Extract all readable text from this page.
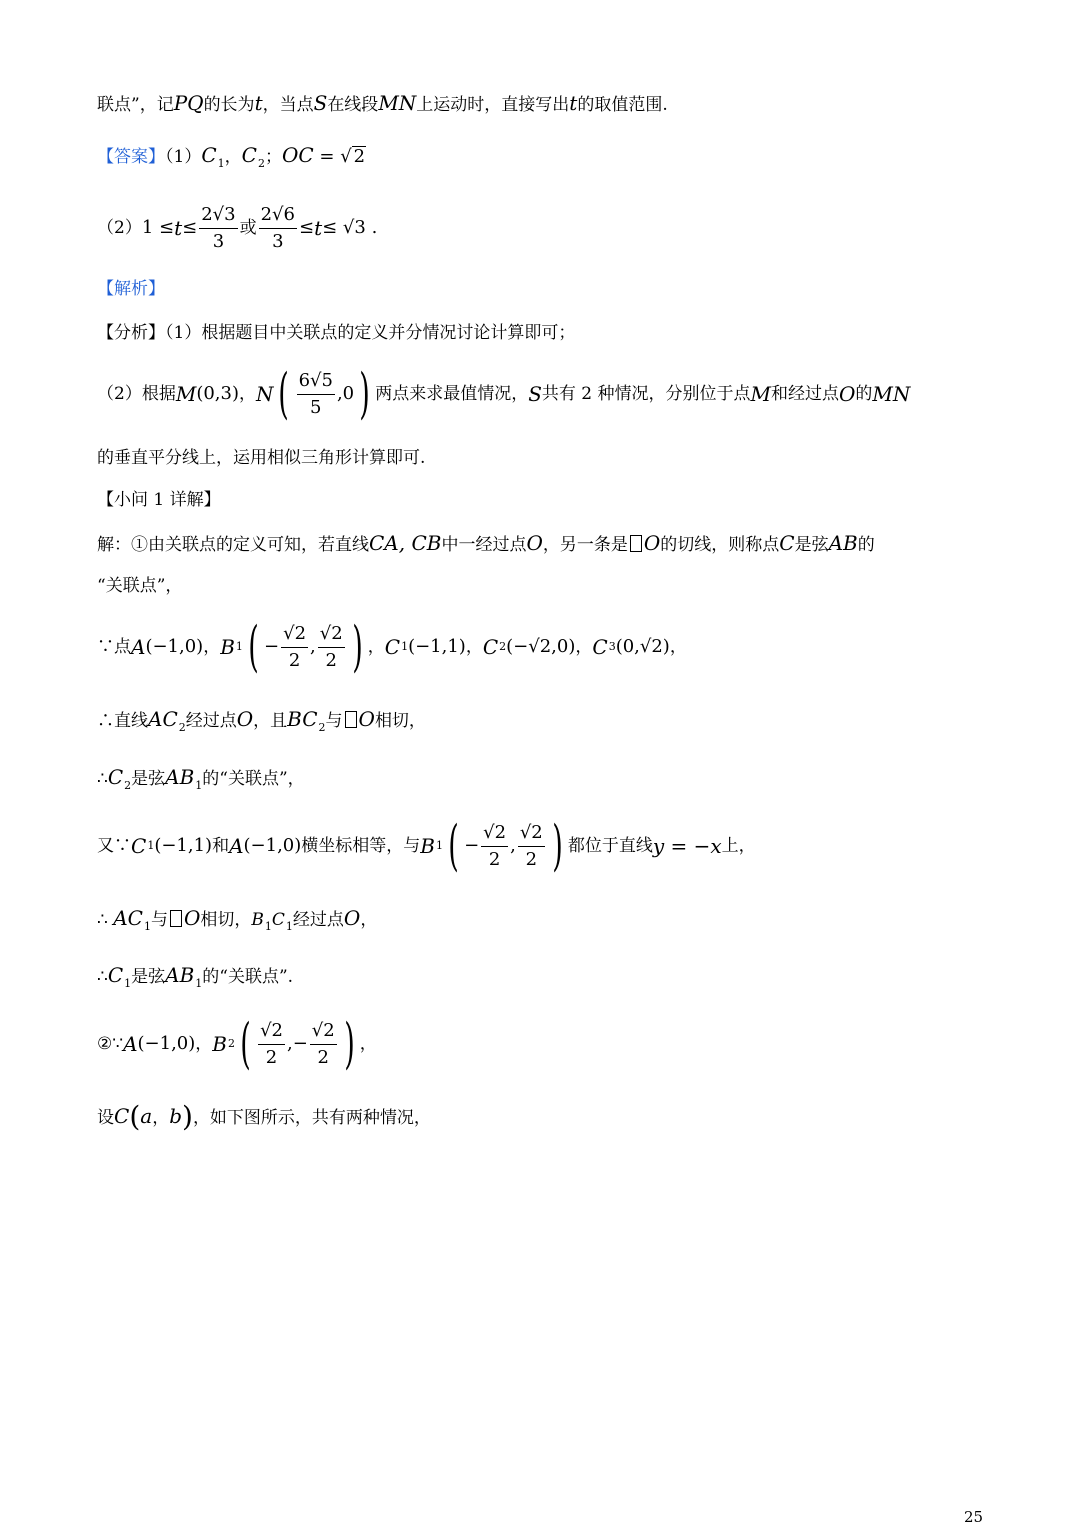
联点”，记PQ的长为t，当点S在线段MN上运动时，直接写出t的取值范围.
【答案】$(1)C_1$，$C_2$；OC = √ 2
（2） $1 \le t \le \frac{2√3}{3}$ 或 $\frac{2√6}{3} \le t \le √3$ .
【解析】
【分析】（1）根据题目中关联点的定义并分情况讨论计算即可；
（2）根据 M (0,3) ， N ( $\frac{6√5}{5} ,0$ ) 两点来求最值情况， S 共有 2 种情况，分别位于点 M 和经过点 O 的 MN
的垂直平分线上，运用相似三角形计算即可.
【小问 1 详解】
解：①由关联点的定义可知，若直线CA, CB中一经过点O，另一条是 O的切线，则称点C是弦AB的
“关联点”，
∵点 A (−1,0) ， B 1 ( − $\frac{√2}{2}$ , $\frac{√2}{2}$ ) ， C 1 (−1,1) ， C 2 (−√2,0) ， C 3 (0,√2) ，
∴直线$AC_2$经过点O，且$BC_2$与 O相切，
$\therefore C_2$是弦$AB_1$的“关联点”，
又∵ C 1 (−1,1) 和 A (−1,0) 横坐标相等，与 B 1 ( − $\frac{√2}{2}$ , $\frac{√2}{2}$ ) 都位于直线 y = −x 上，
∴ $AC_1$与 O相切，$B_1C_1$经过点O，
$\therefore C_1$是弦$AB_1$的“关联点”.
②∵ A (−1,0) ， B 2 ( $\frac{√2}{2}$ ,− $\frac{√2}{2}$ ) ，
设C(a，b)，如下图所示，共有两种情况，
25
